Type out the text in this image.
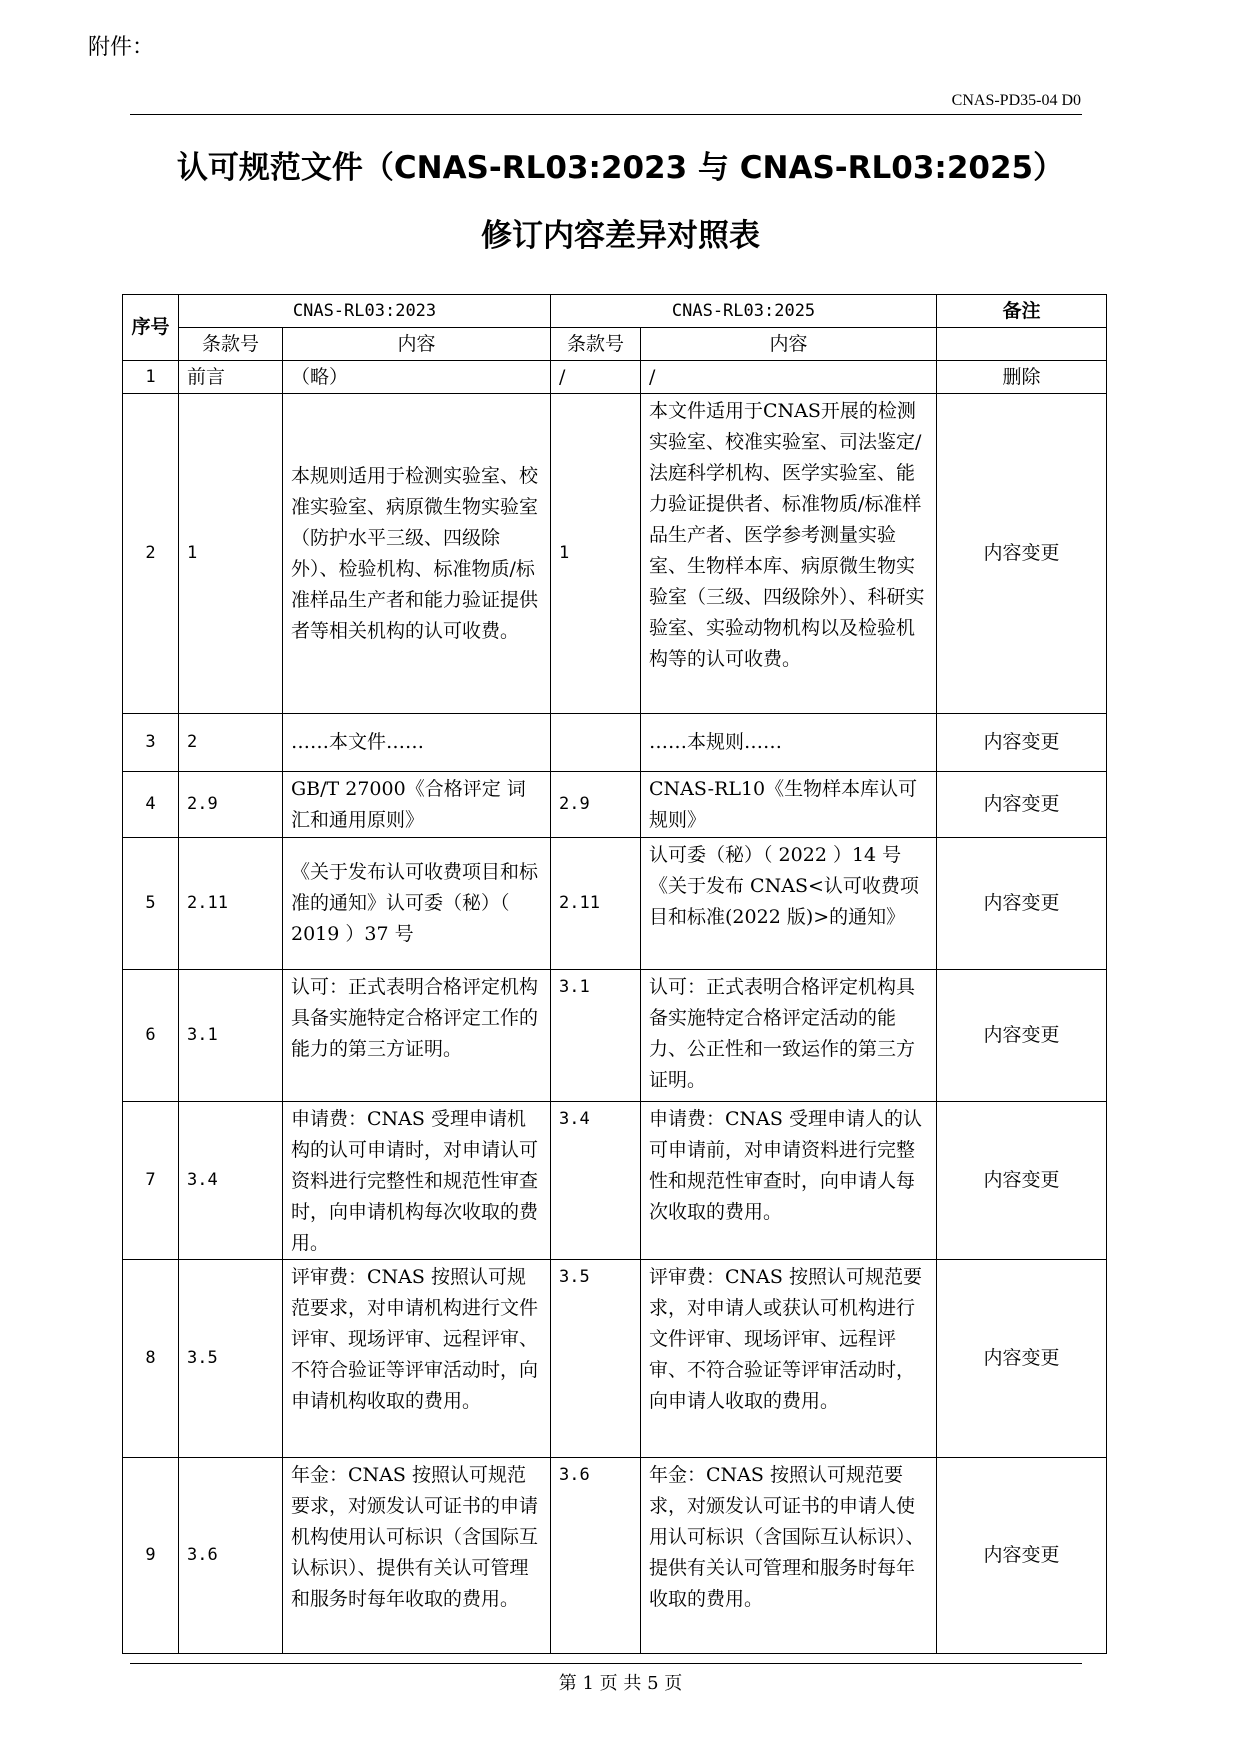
附件：
CNAS-PD35-04 D0
认可规范文件（CNAS-RL03:2023 与 CNAS-RL03:2025）
修订内容差异对照表
序号	CNAS-RL03:2023		CNAS-RL03:2025		备注
	条款号	内容	条款号	内容	
1	前言	（略）	/	/	删除
2	1	本规则适用于检测实验室、校准实验室、病原微生物实验室（防护水平三级、四级除 外）、检验机构、标准物质/标准样品生产者和能力验证提供者等相关机构的认可收费。	1	本文件适用于CNAS开展的检测实验室、校准实验室、司法鉴定/法庭科学机构、医学实验室、能力验证提供者、标准物质/标准样品生产者、医学参考测量实验室、生物样本库、病原微生物实验室（三级、四级除外）、科研实验室、实验动物机构以及检验机构等的认可收费。	内容变更
3	2	……本文件……		……本规则……	内容变更
4	2.9	GB/T 27000《合格评定 词汇和通用原则》	2.9	CNAS-RL10《生物样本库认可规则》	内容变更
5	2.11	《关于发布认可收费项目和标准的通知》认可委（秘）（ 2019 ）37 号	2.11	认可委（秘）（ 2022 ）14 号《关于发布 CNAS<认可收费项目和标准(2022 版)>的通知》	内容变更
6	3.1	认可：正式表明合格评定机构具备实施特定合格评定工作的能力的第三方证明。	3.1	认可：正式表明合格评定机构具备实施特定合格评定活动的能力、公正性和一致运作的第三方证明。	内容变更
7	3.4	申请费：CNAS 受理申请机构的认可申请时，对申请认可资料进行完整性和规范性审查时，向申请机构每次收取的费用。	3.4	申请费：CNAS 受理申请人的认可申请前，对申请资料进行完整性和规范性审查时，向申请人每次收取的费用。	内容变更
8	3.5	评审费：CNAS 按照认可规范要求，对申请机构进行文件评审、现场评审、远程评审、不符合验证等评审活动时，向申请机构收取的费用。	3.5	评审费：CNAS 按照认可规范要求，对申请人或获认可机构进行文件评审、现场评审、远程评审、不符合验证等评审活动时，向申请人收取的费用。	内容变更
9	3.6	年金：CNAS 按照认可规范要求，对颁发认可证书的申请机构使用认可标识（含国际互认标识）、提供有关认可管理和服务时每年收取的费用。	3.6	年金：CNAS 按照认可规范要求，对颁发认可证书的申请人使用认可标识（含国际互认标识）、提供有关认可管理和服务时每年收取的费用。	内容变更
第 1 页 共 5 页
